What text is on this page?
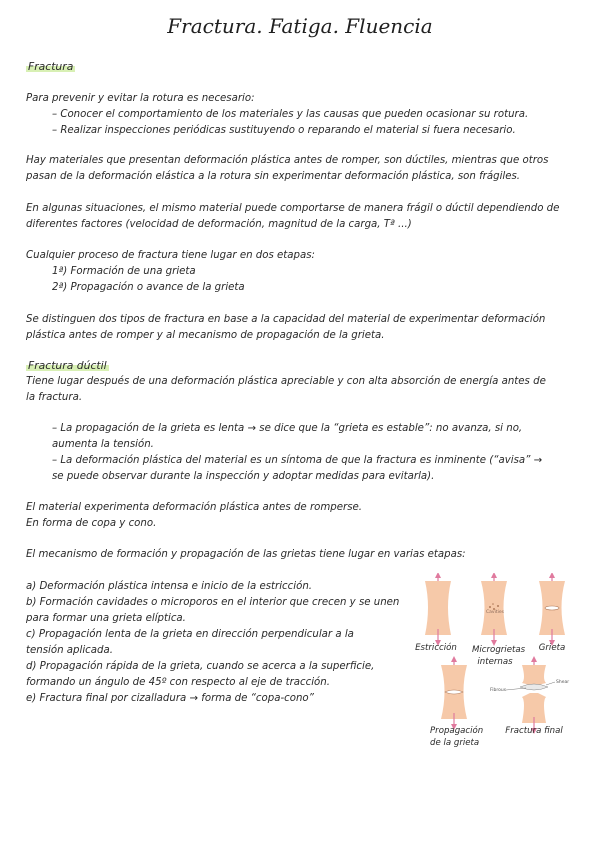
Fractura. Fatiga. Fluencia
Fractura
Para prevenir y evitar la rotura es necesario:
– Conocer el comportamiento de los materiales y las causas que pueden ocasionar su rotura.
– Realizar inspecciones periódicas sustituyendo o reparando el material si fuera necesario.
Hay materiales que presentan deformación plástica antes de romper, son dúctiles, mientras que otros
pasan de la deformación elástica a la rotura sin experimentar deformación plástica, son frágiles.
En algunas situaciones, el mismo material puede comportarse de manera frágil o dúctil dependiendo de
diferentes factores (velocidad de deformación, magnitud de la carga, Tª ...)
Cualquier proceso de fractura tiene lugar en dos etapas:
1ª) Formación de una grieta
2ª) Propagación o avance de la grieta
Se distinguen dos tipos de fractura en base a la capacidad del material de experimentar deformación
plástica antes de romper y al mecanismo de propagación de la grieta.
Fractura dúctil
Tiene lugar después de una deformación plástica apreciable y con alta absorción de energía antes de
la fractura.
– La propagación de la grieta es lenta → se dice que la “grieta es estable”: no avanza, si no,
aumenta la tensión.
– La deformación plástica del material es un síntoma de que la fractura es inminente (“avisa” →
se puede observar durante la inspección y adoptar medidas para evitarla).
El material experimenta deformación plástica antes de romperse.
En forma de copa y cono.
El mecanismo de formación y propagación de las grietas tiene lugar en varias etapas:
a) Deformación plástica intensa e inicio de la estricción.
b) Formación cavidades o microporos en el interior que crecen y se unen
para formar una grieta elíptica.
c) Propagación lenta de la grieta en dirección perpendicular a la
tensión aplicada.
d) Propagación rápida de la grieta, cuando se acerca a la superficie,
formando un ángulo de 45º con respecto al eje de tracción.
e) Fractura final por cizalladura → forma de “copa-cono”
Cavities
Fibrous
Shear
Estricción Microgrietas
internas
Grieta
Propagación
de la grieta
Fractura final
